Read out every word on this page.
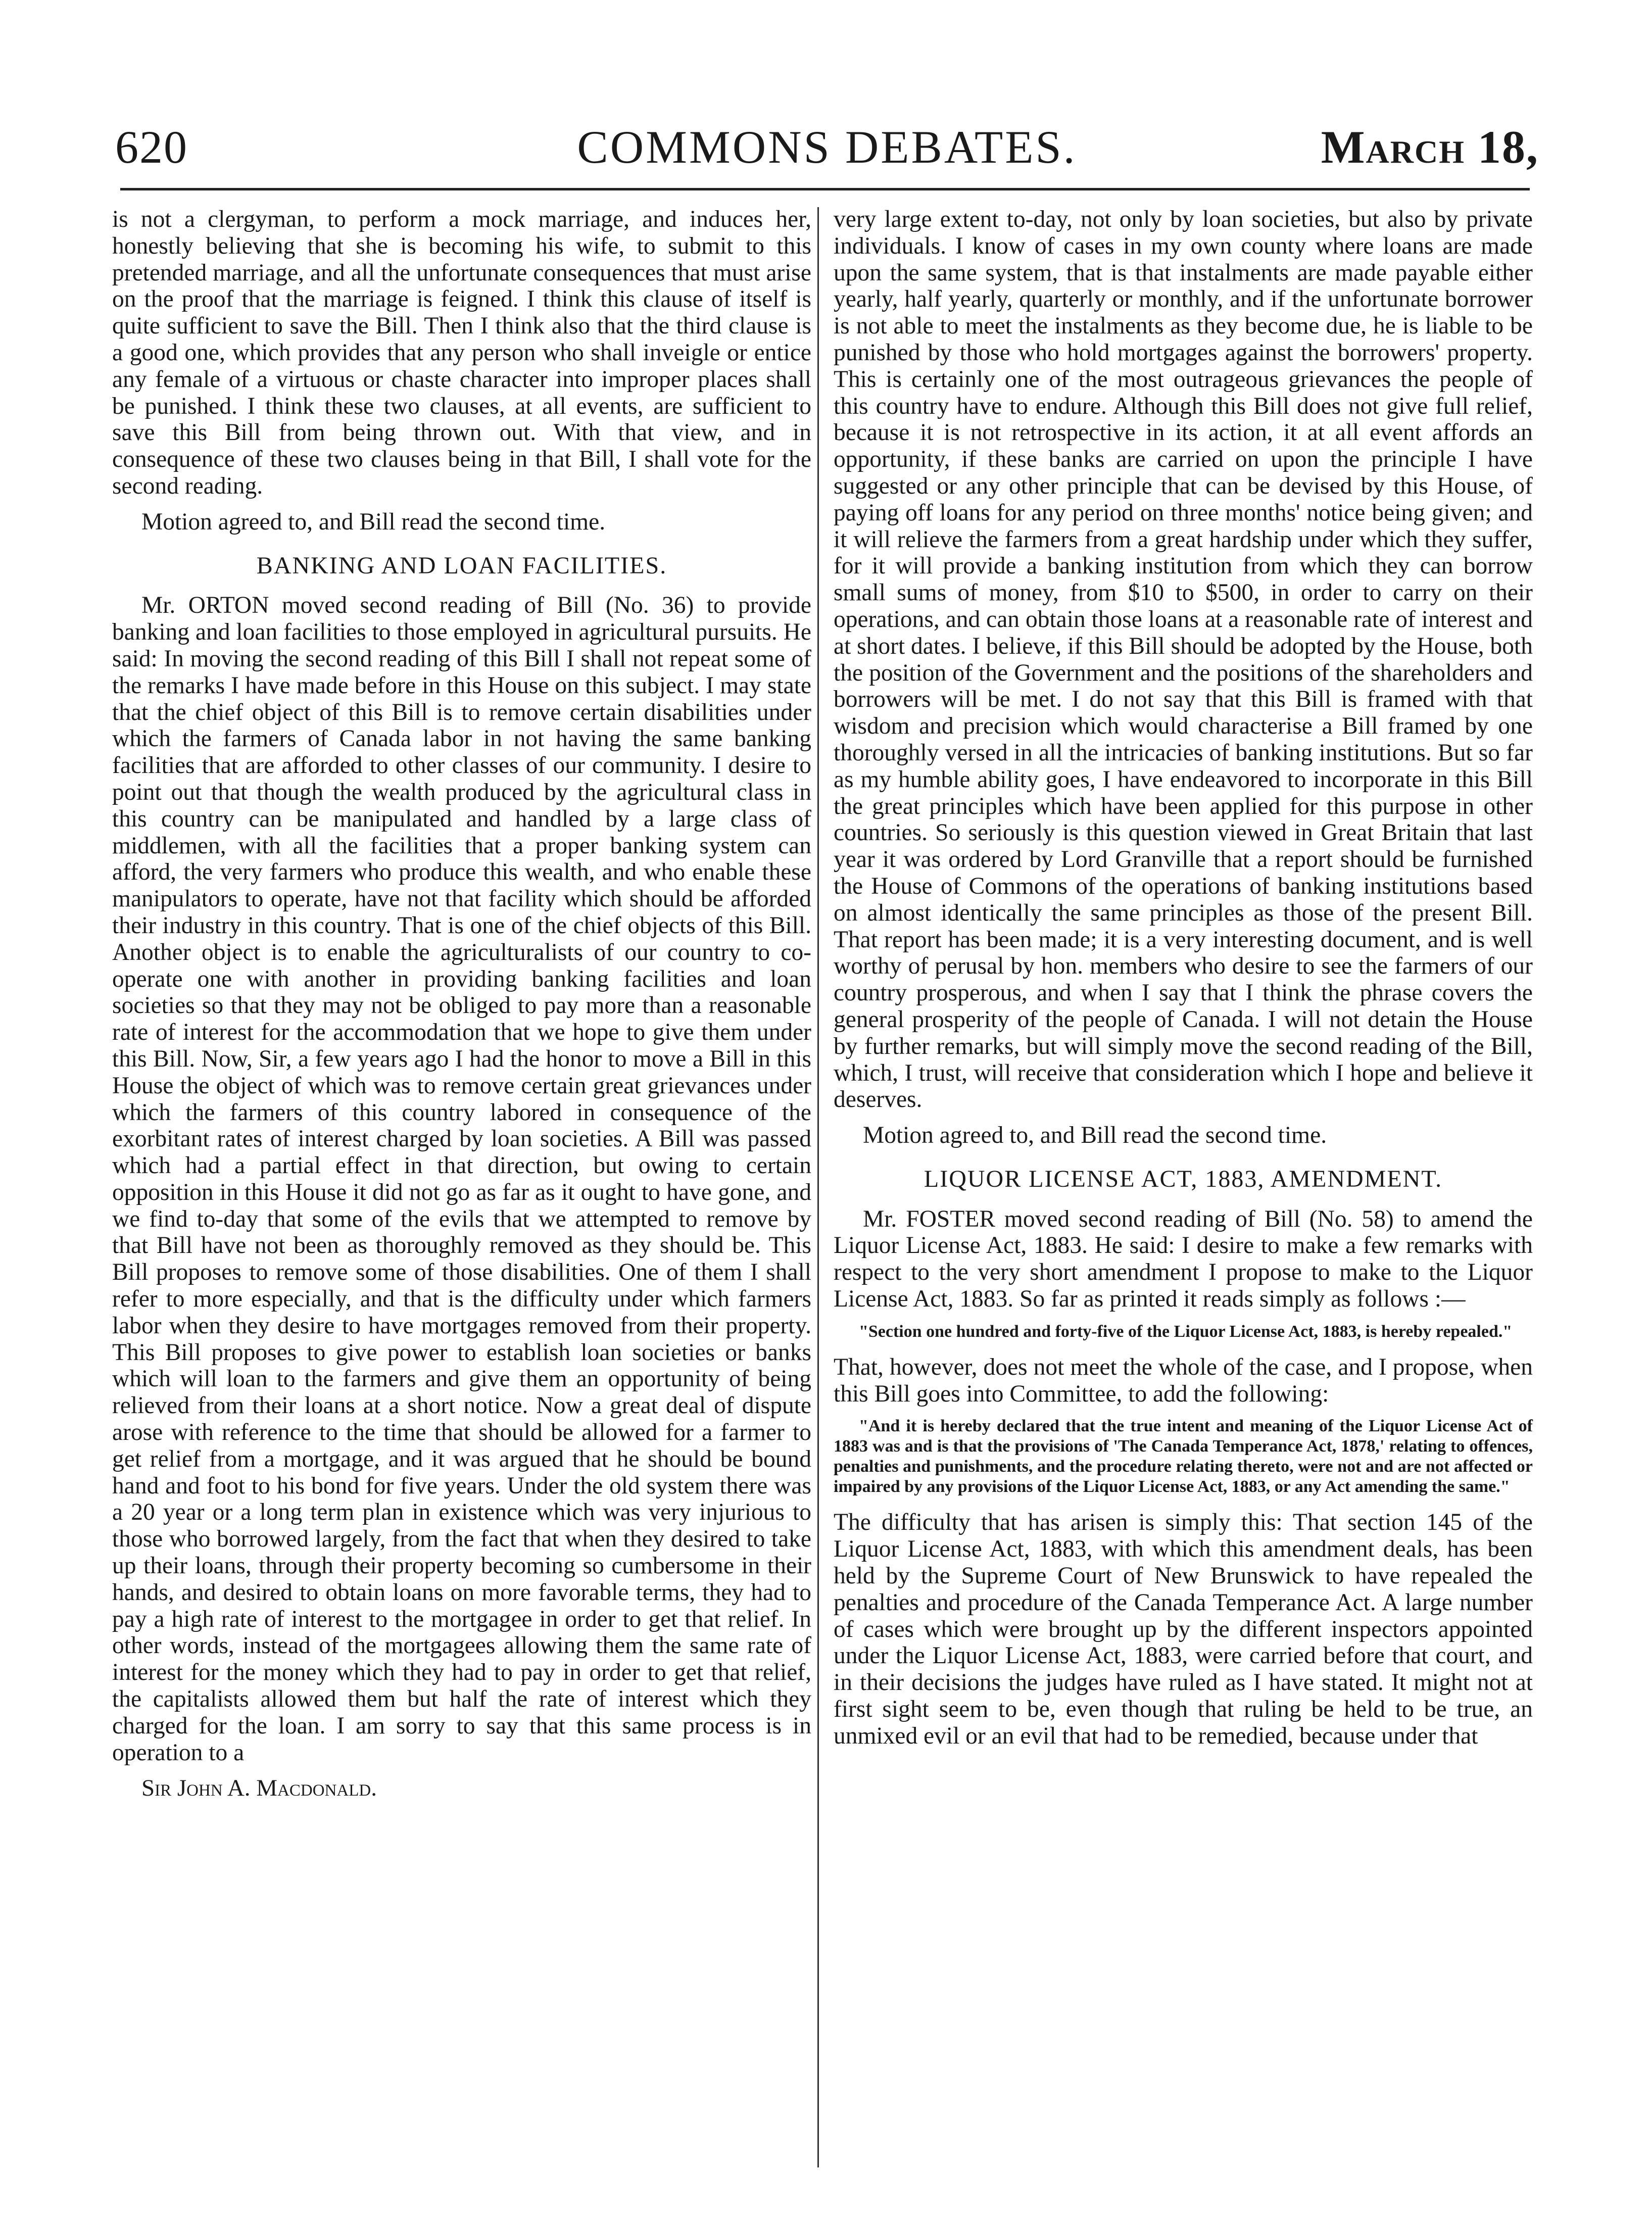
620	COMMONS DEBATES.	March 18,

is not a clergyman, to perform a mock marriage, and induces her, honestly believing that she is becoming his wife, to submit to this pretended marriage, and all the unfortunate consequences that must arise on the proof that the marriage is feigned. I think this clause of itself is quite sufficient to save the Bill. Then I think also that the third clause is a good one, which provides that any person who shall inveigle or entice any female of a virtuous or chaste character into improper places shall be punished. I think these two clauses, at all events, are sufficient to save this Bill from being thrown out. With that view, and in consequence of these two clauses being in that Bill, I shall vote for the second reading.

Motion agreed to, and Bill read the second time.

BANKING AND LOAN FACILITIES.

Mr. ORTON moved second reading of Bill (No. 36) to provide banking and loan facilities to those employed in agricultural pursuits. He said: In moving the second reading of this Bill I shall not repeat some of the remarks I have made before in this House on this subject. I may state that the chief object of this Bill is to remove certain disabilities under which the farmers of Canada labor in not having the same banking facilities that are afforded to other classes of our community. I desire to point out that though the wealth produced by the agricultural class in this country can be manipulated and handled by a large class of middlemen, with all the facilities that a proper banking system can afford, the very farmers who produce this wealth, and who enable these manipulators to operate, have not that facility which should be afforded their industry in this country. That is one of the chief objects of this Bill. Another object is to enable the agriculturalists of our country to co-operate one with another in providing banking facilities and loan societies so that they may not be obliged to pay more than a reasonable rate of interest for the accommodation that we hope to give them under this Bill. Now, Sir, a few years ago I had the honor to move a Bill in this House the object of which was to remove certain great grievances under which the farmers of this country labored in consequence of the exorbitant rates of interest charged by loan societies. A Bill was passed which had a partial effect in that direction, but owing to certain opposition in this House it did not go as far as it ought to have gone, and we find to-day that some of the evils that we attempted to remove by that Bill have not been as thoroughly removed as they should be. This Bill proposes to remove some of those disabilities. One of them I shall refer to more especially, and that is the difficulty under which farmers labor when they desire to have mortgages removed from their property. This Bill proposes to give power to establish loan societies or banks which will loan to the farmers and give them an opportunity of being relieved from their loans at a short notice. Now a great deal of dispute arose with reference to the time that should be allowed for a farmer to get relief from a mortgage, and it was argued that he should be bound hand and foot to his bond for five years. Under the old system there was a 20 year or a long term plan in existence which was very injurious to those who borrowed largely, from the fact that when they desired to take up their loans, through their property becoming so cumbersome in their hands, and desired to obtain loans on more favorable terms, they had to pay a high rate of interest to the mortgagee in order to get that relief. In other words, instead of the mortgagees allowing them the same rate of interest for the money which they had to pay in order to get that relief, the capitalists allowed them but half the rate of interest which they charged for the loan. I am sorry to say that this same process is in operation to a

Sir John A. Macdonald.

very large extent to-day, not only by loan societies, but also by private individuals. I know of cases in my own county where loans are made upon the same system, that is that instalments are made payable either yearly, half yearly, quarterly or monthly, and if the unfortunate borrower is not able to meet the instalments as they become due, he is liable to be punished by those who hold mortgages against the borrowers' property. This is certainly one of the most outrageous grievances the people of this country have to endure. Although this Bill does not give full relief, because it is not retrospective in its action, it at all event affords an opportunity, if these banks are carried on upon the principle I have suggested or any other principle that can be devised by this House, of paying off loans for any period on three months' notice being given; and it will relieve the farmers from a great hardship under which they suffer, for it will provide a banking institution from which they can borrow small sums of money, from $10 to $500, in order to carry on their operations, and can obtain those loans at a reasonable rate of interest and at short dates. I believe, if this Bill should be adopted by the House, both the position of the Government and the positions of the shareholders and borrowers will be met. I do not say that this Bill is framed with that wisdom and precision which would characterise a Bill framed by one thoroughly versed in all the intricacies of banking institutions. But so far as my humble ability goes, I have endeavored to incorporate in this Bill the great principles which have been applied for this purpose in other countries. So seriously is this question viewed in Great Britain that last year it was ordered by Lord Granville that a report should be furnished the House of Commons of the operations of banking institutions based on almost identically the same principles as those of the present Bill. That report has been made; it is a very interesting document, and is well worthy of perusal by hon. members who desire to see the farmers of our country prosperous, and when I say that I think the phrase covers the general prosperity of the people of Canada. I will not detain the House by further remarks, but will simply move the second reading of the Bill, which, I trust, will receive that consideration which I hope and believe it deserves.

Motion agreed to, and Bill read the second time.

LIQUOR LICENSE ACT, 1883, AMENDMENT.

Mr. FOSTER moved second reading of Bill (No. 58) to amend the Liquor License Act, 1883. He said: I desire to make a few remarks with respect to the very short amendment I propose to make to the Liquor License Act, 1883. So far as printed it reads simply as follows :—

"Section one hundred and forty-five of the Liquor License Act, 1883, is hereby repealed."

That, however, does not meet the whole of the case, and I propose, when this Bill goes into Committee, to add the following:

"And it is hereby declared that the true intent and meaning of the Liquor License Act of 1883 was and is that the provisions of 'The Canada Temperance Act, 1878,' relating to offences, penalties and punishments, and the procedure relating thereto, were not and are not affected or impaired by any provisions of the Liquor License Act, 1883, or any Act amending the same."

The difficulty that has arisen is simply this: That section 145 of the Liquor License Act, 1883, with which this amendment deals, has been held by the Supreme Court of New Brunswick to have repealed the penalties and procedure of the Canada Temperance Act. A large number of cases which were brought up by the different inspectors appointed under the Liquor License Act, 1883, were carried before that court, and in their decisions the judges have ruled as I have stated. It might not at first sight seem to be, even though that ruling be held to be true, an unmixed evil or an evil that had to be remedied, because under that
